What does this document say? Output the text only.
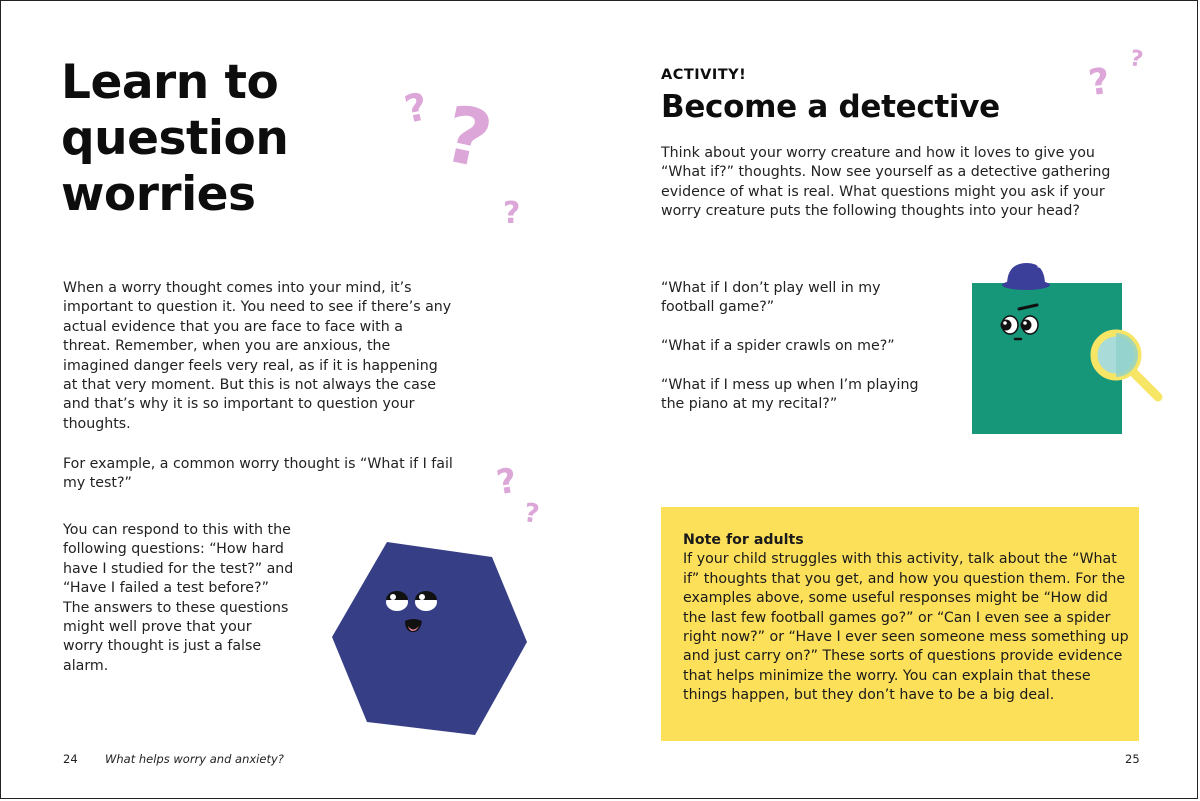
Learn to question worries
? ?
?

When a worry thought comes into your mind, it’s important to question it. You need to see if there’s any actual evidence that you are face to face with a threat. Remember, when you are anxious, the imagined danger feels very real, as if it is happening at that very moment. But this is not always the case and that’s why it is so important to question your thoughts.

For example, a common worry thought is “What if I fail my test?”

You can respond to this with the following questions: “How hard have I studied for the test?” and “Have I failed a test before?” The answers to these questions might well prove that your worry thought is just a false alarm.

?
?

24 What helps worry and anxiety?

ACTIVITY!

Become a detective
?
?

Think about your worry creature and how it loves to give you “What if?” thoughts. Now see yourself as a detective gathering evidence of what is real. What questions might you ask if your worry creature puts the following thoughts into your head?

“What if I don’t play well in my football game?”

“What if a spider crawls on me?”

“What if I mess up when I’m playing the piano at my recital?”

Note for adults

If your child struggles with this activity, talk about the “What if” thoughts that you get, and how you question them. For the examples above, some useful responses might be “How did the last few football games go?” or “Can I even see a spider right now?” or “Have I ever seen someone mess something up and just carry on?” These sorts of questions provide evidence that helps minimize the worry. You can explain that these things happen, but they don’t have to be a big deal.

25
